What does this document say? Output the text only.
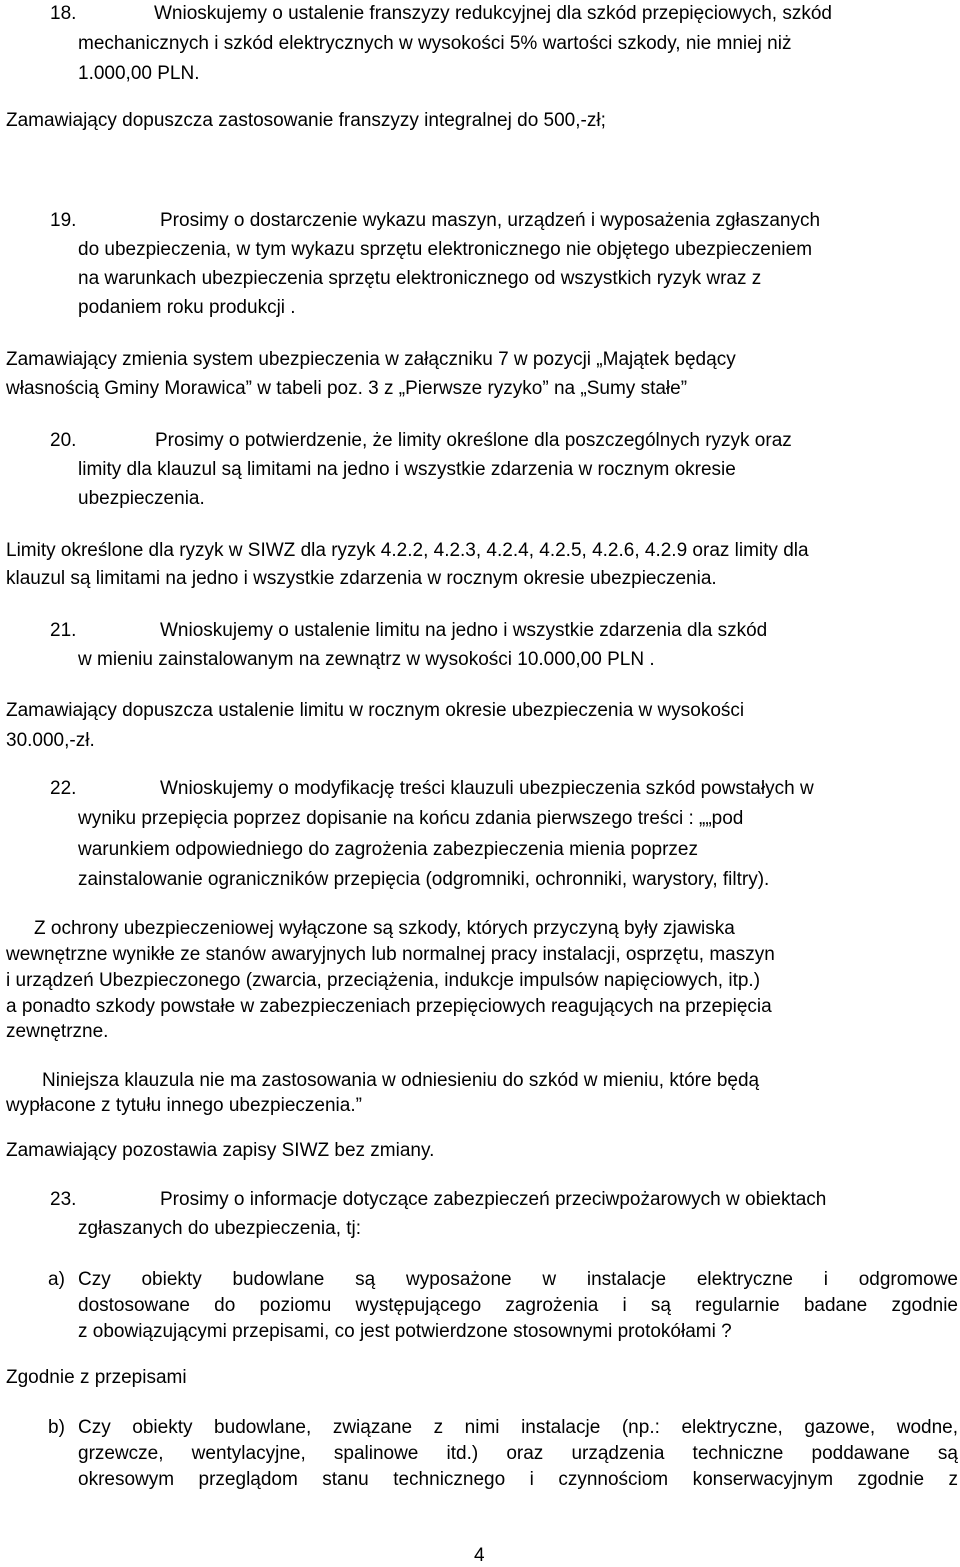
18.	Wnioskujemy o ustalenie franszyzy redukcyjnej dla szkód przepięciowych, szkód
mechanicznych i szkód elektrycznych w wysokości 5% wartości szkody, nie mniej niż
1.000,00 PLN.
Zamawiający dopuszcza zastosowanie franszyzy integralnej do 500,-zł;
19.	Prosimy o dostarczenie wykazu maszyn, urządzeń i wyposażenia zgłaszanych
do ubezpieczenia, w tym wykazu sprzętu elektronicznego nie objętego ubezpieczeniem
na warunkach ubezpieczenia sprzętu elektronicznego od wszystkich ryzyk wraz z
podaniem roku produkcji .
Zamawiający zmienia system ubezpieczenia w załączniku 7 w pozycji „Majątek będący
własnością Gminy Morawica” w tabeli poz. 3 z „Pierwsze ryzyko” na „Sumy stałe”
20.	Prosimy o potwierdzenie, że limity określone dla poszczególnych ryzyk oraz
limity dla klauzul są limitami na jedno i wszystkie zdarzenia w rocznym okresie
ubezpieczenia.
Limity określone dla ryzyk w SIWZ dla ryzyk 4.2.2, 4.2.3, 4.2.4, 4.2.5, 4.2.6, 4.2.9 oraz limity dla
klauzul są limitami na jedno i wszystkie zdarzenia w rocznym okresie ubezpieczenia.
21.	Wnioskujemy o ustalenie limitu na jedno i wszystkie zdarzenia dla szkód
w mieniu zainstalowanym na zewnątrz w wysokości 10.000,00 PLN .
Zamawiający dopuszcza ustalenie limitu w rocznym okresie ubezpieczenia w wysokości
30.000,-zł.
22.	Wnioskujemy o modyfikację treści klauzuli ubezpieczenia szkód powstałych w
wyniku przepięcia poprzez dopisanie na końcu zdania pierwszego treści : „„pod
warunkiem odpowiedniego do zagrożenia zabezpieczenia mienia poprzez
zainstalowanie ograniczników przepięcia (odgromniki, ochronniki, warystory, filtry).
Z ochrony ubezpieczeniowej wyłączone są szkody, których przyczyną były zjawiska
wewnętrzne wynikłe ze stanów awaryjnych lub normalnej pracy instalacji, osprzętu, maszyn
i urządzeń Ubezpieczonego (zwarcia, przeciążenia, indukcje impulsów napięciowych, itp.)
a ponadto szkody powstałe w zabezpieczeniach przepięciowych reagujących na przepięcia
zewnętrzne.
Niniejsza klauzula nie ma zastosowania w odniesieniu do szkód w mieniu, które będą
wypłacone z tytułu innego ubezpieczenia.”
Zamawiający pozostawia zapisy SIWZ bez zmiany.
23.	Prosimy o informacje dotyczące zabezpieczeń przeciwpożarowych w obiektach
zgłaszanych do ubezpieczenia, tj:
a) Czy obiekty budowlane są wyposażone w instalacje elektryczne i odgromowe
dostosowane do poziomu występującego zagrożenia i są regularnie badane zgodnie
z obowiązującymi przepisami, co jest potwierdzone stosownymi protokółami ?
Zgodnie z przepisami
b) Czy obiekty budowlane, związane z nimi instalacje (np.: elektryczne, gazowe, wodne,
grzewcze, wentylacyjne, spalinowe itd.) oraz urządzenia techniczne poddawane są
okresowym przeglądom stanu technicznego i czynnościom konserwacyjnym zgodnie z
4
